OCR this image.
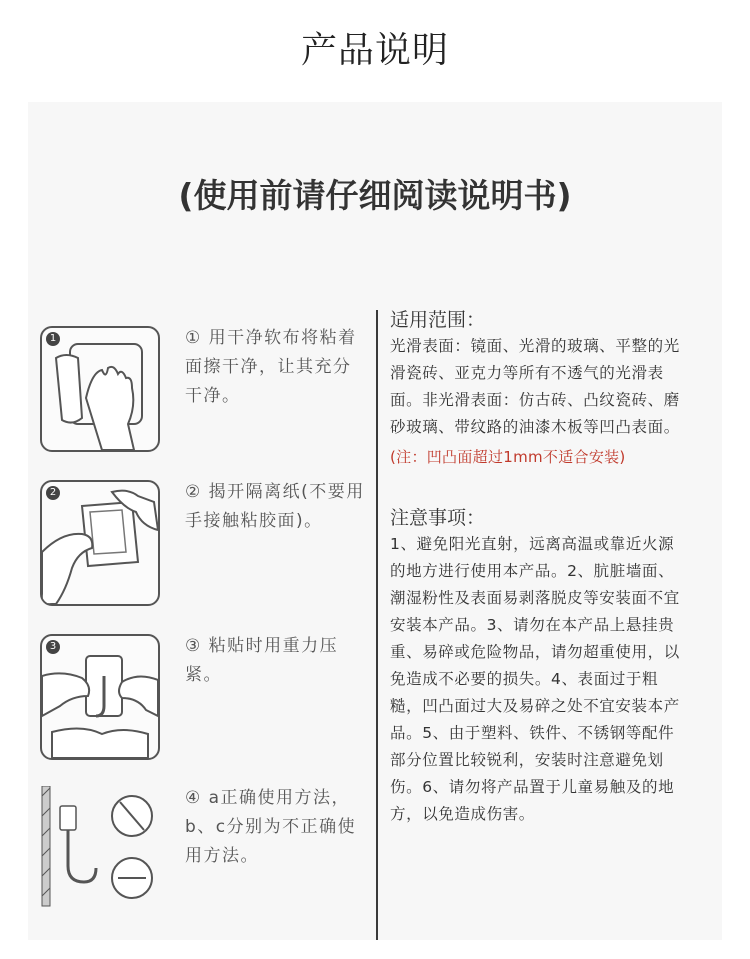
产品说明
(使用前请仔细阅读说明书)
1	① 用干净软布将粘着面擦干净，让其充分干净。
2	② 揭开隔离纸(不要用手接触粘胶面)。
3	③ 粘贴时用重力压紧。
④ a正确使用方法，b、c分别为不正确使用方法。
适用范围：
光滑表面：镜面、光滑的玻璃、平整的光滑瓷砖、亚克力等所有不透气的光滑表面。非光滑表面：仿古砖、凸纹瓷砖、磨砂玻璃、带纹路的油漆木板等凹凸表面。
(注：凹凸面超过1mm不适合安装)
注意事项：
1、避免阳光直射，远离高温或靠近火源的地方进行使用本产品。2、肮脏墙面、潮湿粉性及表面易剥落脱皮等安装面不宜安装本产品。3、请勿在本产品上悬挂贵重、易碎或危险物品，请勿超重使用，以免造成不必要的损失。4、表面过于粗糙，凹凸面过大及易碎之处不宜安装本产品。5、由于塑料、铁件、不锈钢等配件部分位置比较锐利，安装时注意避免划伤。6、请勿将产品置于儿童易触及的地方，以免造成伤害。
